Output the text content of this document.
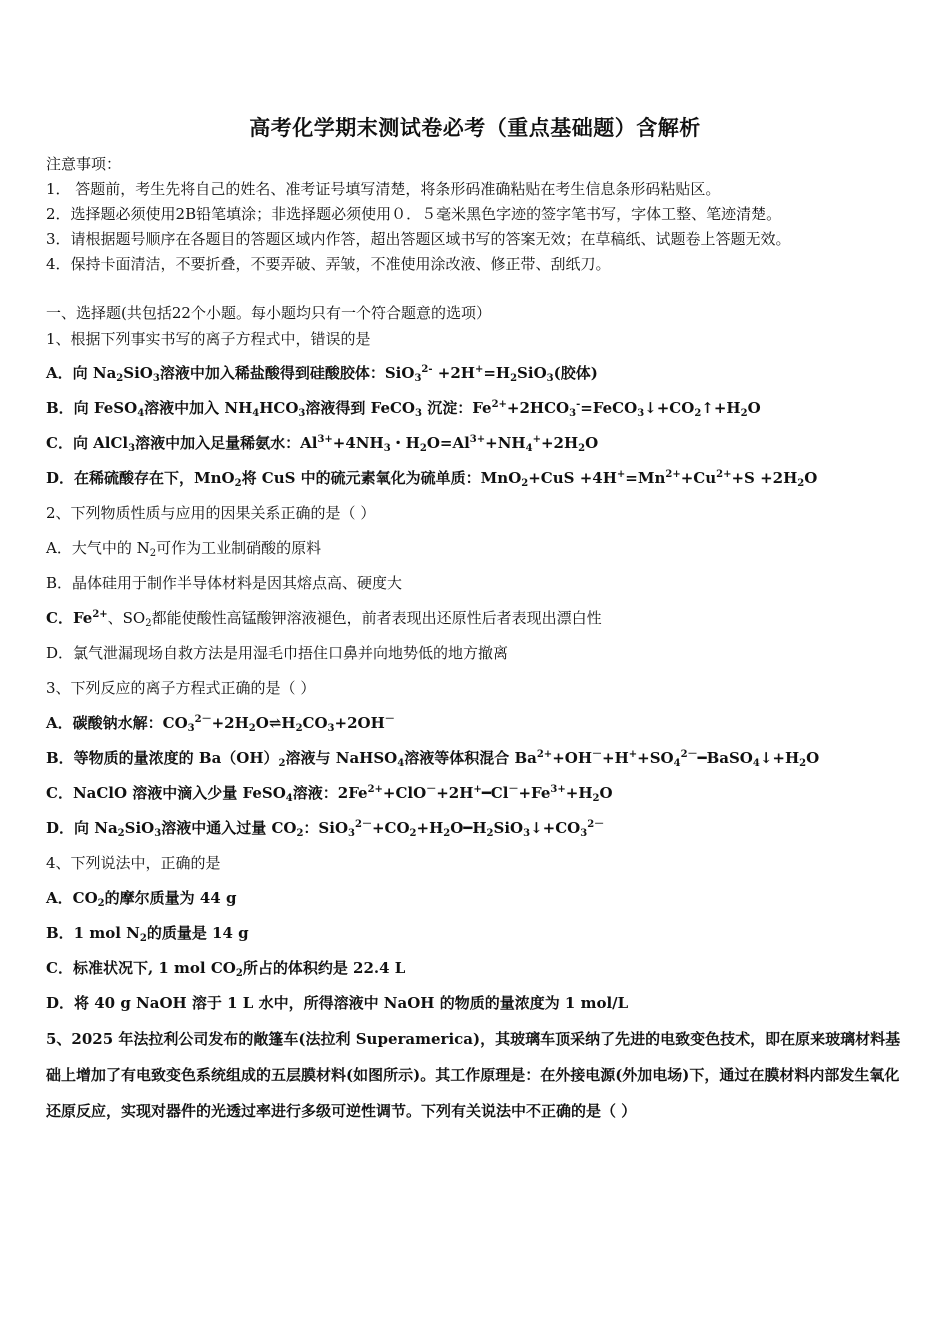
高考化学期末测试卷必考（重点基础题）含解析
注意事项：
1． 答题前，考生先将自己的姓名、准考证号填写清楚，将条形码准确粘贴在考生信息条形码粘贴区。
2．选择题必须使用2B铅笔填涂；非选择题必须使用０．５毫米黑色字迹的签字笔书写，字体工整、笔迹清楚。
3．请根据题号顺序在各题目的答题区域内作答，超出答题区域书写的答案无效；在草稿纸、试题卷上答题无效。
4．保持卡面清洁，不要折叠，不要弄破、弄皱，不准使用涂改液、修正带、刮纸刀。
一、选择题(共包括22个小题。每小题均只有一个符合题意的选项）
1、根据下列事实书写的离子方程式中，错误的是
A．向 $Na_2SiO_3$溶液中加入稀盐酸得到硅酸胶体：$SiO_3^{2-} +2H^+=H_2SiO_3$(胶体)
B．向 FeSO$_4$溶液中加入 $NH_4HCO_3$溶液得到 FeCO$_3$ 沉淀：$Fe^{2+}+2HCO_3^-=FeCO_3↓+CO_2↑+H_2O$
C．向 AlCl$_3$溶液中加入足量稀氨水：$Al^{3+}+4NH_3$・$H_2O=Al^{3+}+NH_4^++2H_2O$
D．在稀硫酸存在下，MnO$_2$将 CuS 中的硫元素氧化为硫单质：$MnO_2+CuS +4H^+=Mn^{2+}+Cu^{2+}+S +2H_2O$
2、下列物质性质与应用的因果关系正确的是（ ）
A．大气中的 $N_2$可作为工业制硝酸的原料
B．晶体硅用于制作半导体材料是因其熔点高、硬度大
C．$Fe^{2+}$、$SO_2$都能使酸性高锰酸钾溶液褪色，前者表现出还原性后者表现出漂白性
D．氯气泄漏现场自救方法是用湿毛巾捂住口鼻并向地势低的地方撤离
3、下列反应的离子方程式正确的是（ ）
A．碳酸钠水解：$CO_3^{2-}+2H_2O\rightleftharpoons H_2CO_3+2OH^-$
B．等物质的量浓度的 $Ba(OH)_2$溶液与 NaHSO$_4$溶液等体积混合 $Ba^{2+}+OH^-+H^++SO_4^{2-}━BaSO_4↓+H_2O$
C．NaClO 溶液中滴入少量 FeSO$_4$溶液：$2Fe^{2+}+ClO^-+2H^+━Cl^-+Fe^{3+}+H_2O$
D．向 $Na_2SiO_3$溶液中通入过量 $CO_2$：$SiO_3^{2-}+CO_2+H_2O━H_2SiO_3↓+CO_3^{2-}$
4、下列说法中，正确的是
A．$CO_2$的摩尔质量为 44 g
B．1 mol $N_2$的质量是 14 g
C．标准状况下, 1 mol $CO_2$所占的体积约是 22.4 L
D．将 40 g NaOH 溶于 1 L 水中，所得溶液中 NaOH 的物质的量浓度为 1 mol/L
5、2025 年法拉利公司发布的敞篷车(法拉利 Superamerica)，其玻璃车顶采纳了先进的电致变色技术，即在原来玻璃材料基础上增加了有电致变色系统组成的五层膜材料(如图所示)。其工作原理是：在外接电源(外加电场)下，通过在膜材料内部发生氧化还原反应，实现对器件的光透过率进行多级可逆性调节。下列有关说法中不正确的是（ ）
